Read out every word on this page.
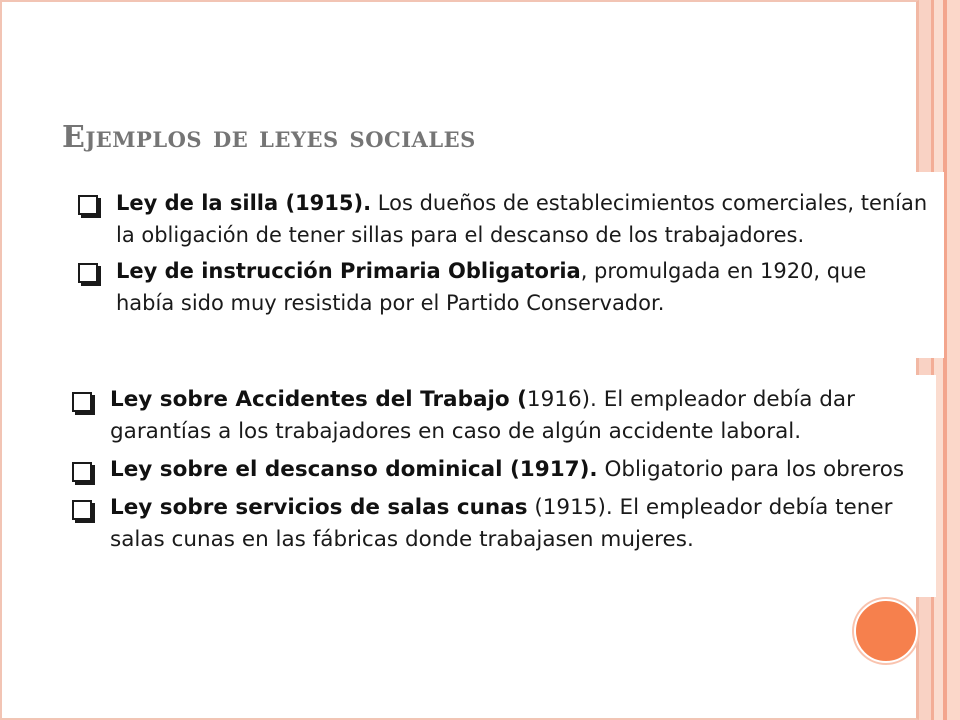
Ejemplos de leyes sociales
Ley de la silla (1915). Los dueños de establecimientos comerciales, tenían la obligación de tener sillas para el descanso de los trabajadores.
Ley de instrucción Primaria Obligatoria, promulgada en 1920, que había sido muy resistida por el Partido Conservador.
Ley sobre Accidentes del Trabajo (1916). El empleador debía dar garantías a los trabajadores en caso de algún accidente laboral.
Ley sobre el descanso dominical (1917). Obligatorio para los obreros
Ley sobre servicios de salas cunas (1915). El empleador debía tener salas cunas en las fábricas donde trabajasen mujeres.
